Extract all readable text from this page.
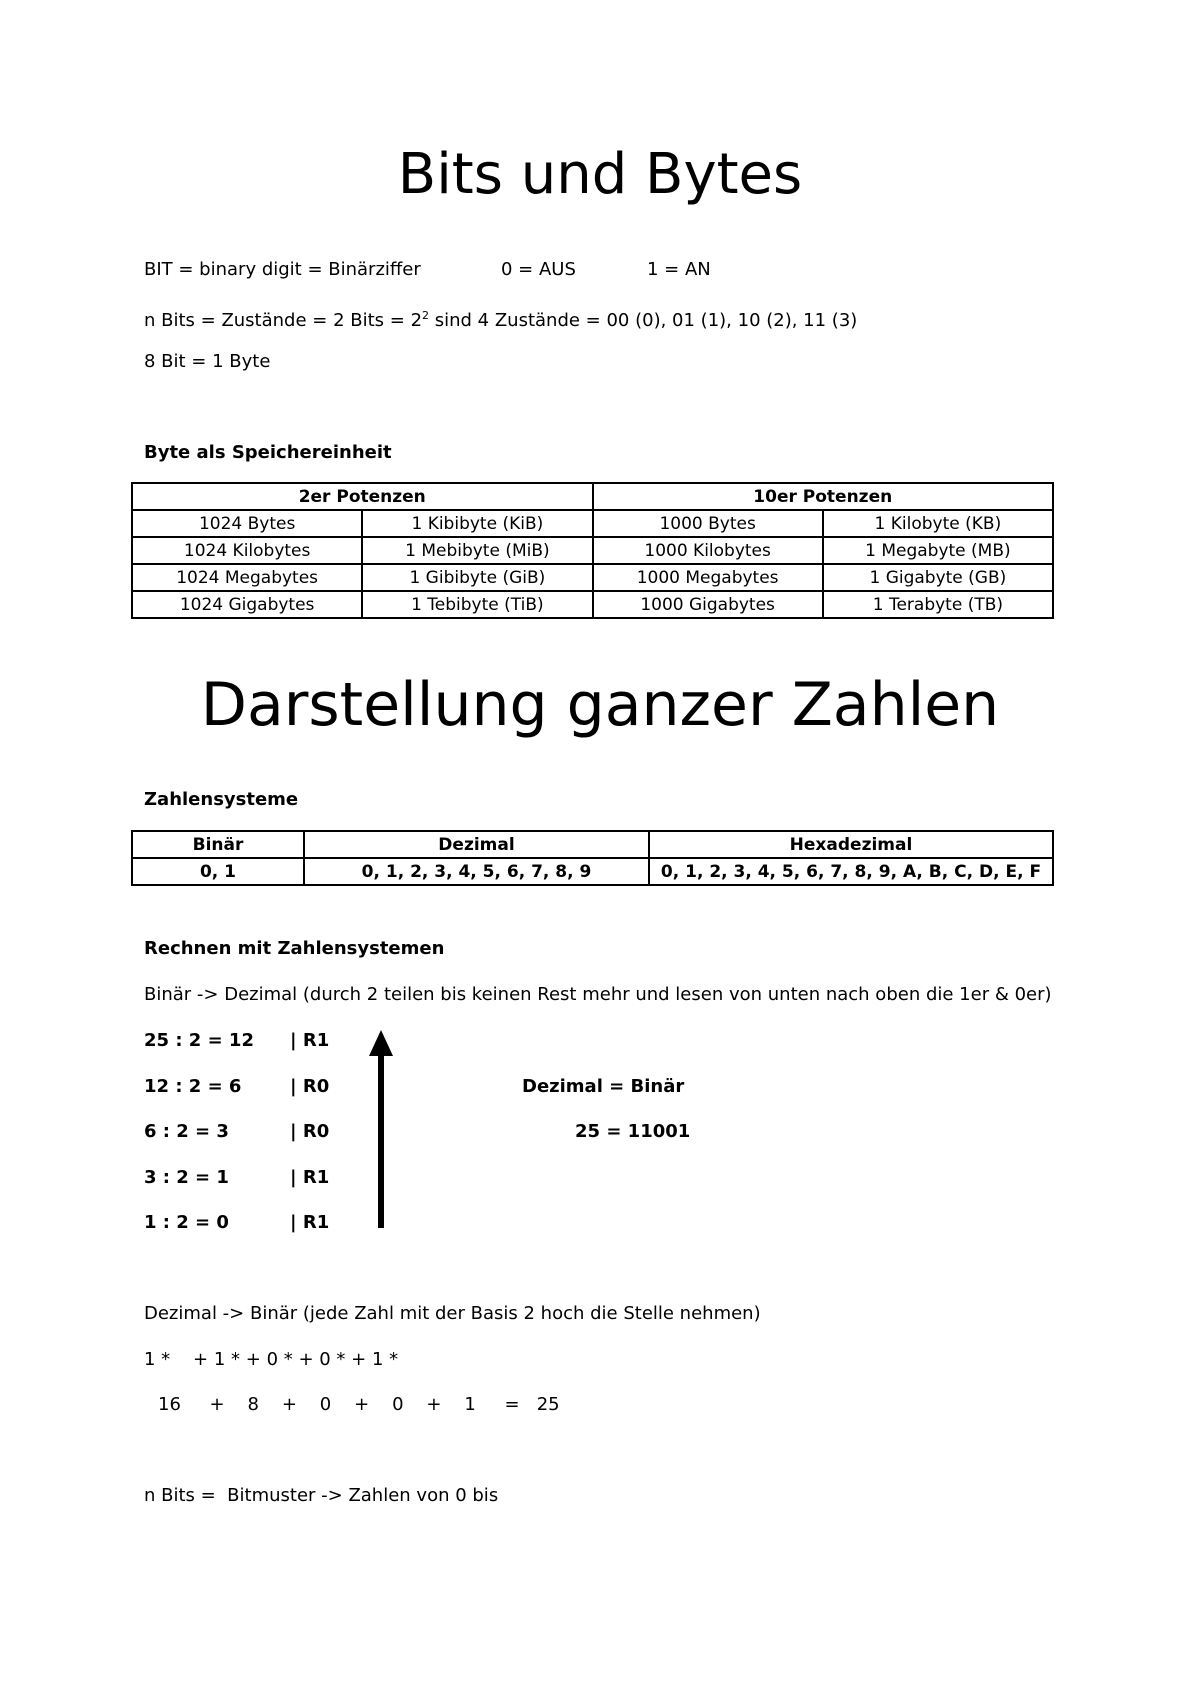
Bits und Bytes
BIT = binary digit = Binärziffer	0 = AUS	1 = AN
n Bits = Zustände = 2 Bits = $2^2$ sind 4 Zustände = 00 (0), 01 (1), 10 (2), 11 (3)
8 Bit = 1 Byte
Byte als Speichereinheit
2er Potenzen		10er Potenzen	
1024 Bytes	1 Kibibyte (KiB)	1000 Bytes	1 Kilobyte (KB)
1024 Kilobytes	1 Mebibyte (MiB)	1000 Kilobytes	1 Megabyte (MB)
1024 Megabytes	1 Gibibyte (GiB)	1000 Megabytes	1 Gigabyte (GB)
1024 Gigabytes	1 Tebibyte (TiB)	1000 Gigabytes	1 Terabyte (TB)
Darstellung ganzer Zahlen
Zahlensysteme
Binär	Dezimal	Hexadezimal
0, 1	0, 1, 2, 3, 4, 5, 6, 7, 8, 9	0, 1, 2, 3, 4, 5, 6, 7, 8, 9, A, B, C, D, E, F
Rechnen mit Zahlensystemen
Binär -> Dezimal (durch 2 teilen bis keinen Rest mehr und lesen von unten nach oben die 1er & 0er)
25 : 2 = 12 | R1
12 : 2 = 6	| R0
6 : 2 = 3	| R0
3 : 2 = 1	| R1
1 : 2 = 0	| R1
Dezimal = Binär
25 = 11001
Dezimal -> Binär (jede Zahl mit der Basis 2 hoch die Stelle nehmen)
1 *    + 1 * + 0 * + 0 * + 1 *
16     +    8    +    0    +    0    +    1     =   25
n Bits =  Bitmuster -> Zahlen von 0 bis
